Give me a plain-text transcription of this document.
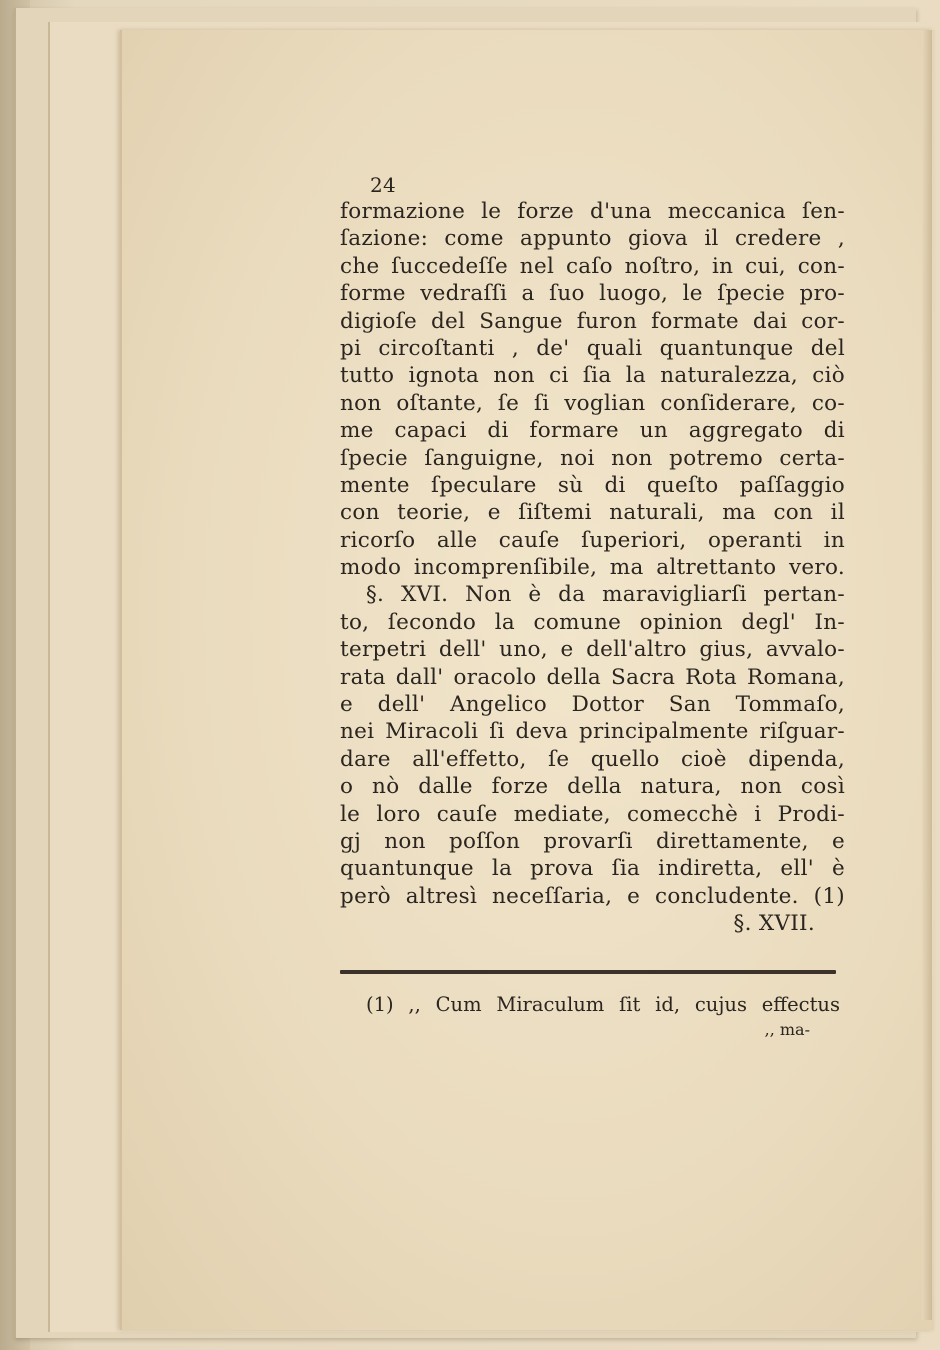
24
formazione le forze d'una meccanica ſen-
ſazione: come appunto giova il credere ,
che ſuccedeſſe nel caſo noſtro, in cui, con-
forme vedraſſi a ſuo luogo, le ſpecie pro-
digioſe del Sangue furon formate dai cor-
pi circoſtanti , de' quali quantunque del
tutto ignota non ci ſia la naturalezza, ciò
non oſtante, ſe ſi voglian conſiderare, co-
me capaci di formare un aggregato di
ſpecie ſanguigne, noi non potremo certa-
mente ſpeculare sù di queſto paſſaggio
con teorie, e ſiſtemi naturali, ma con il
ricorſo alle cauſe ſuperiori, operanti in
modo incomprenſibile, ma altrettanto vero.
§. XVI. Non è da maravigliarſi pertan-
to, ſecondo la comune opinion degl' In-
terpetri dell' uno, e dell'altro gius, avvalo-
rata dall' oracolo della Sacra Rota Romana,
e dell' Angelico Dottor San Tommaſo,
nei Miracoli ſi deva principalmente riſguar-
dare all'effetto, ſe quello cioè dipenda,
o nò dalle forze della natura, non così
le loro cauſe mediate, comecchè i Prodi-
gj non poſſon provarſi direttamente, e
quantunque la prova ſia indiretta, ell' è
però altresì neceſſaria, e concludente. (1)
§. XVII.
(1) ,, Cum Miraculum ſit id, cujus effectus
,, ma-
